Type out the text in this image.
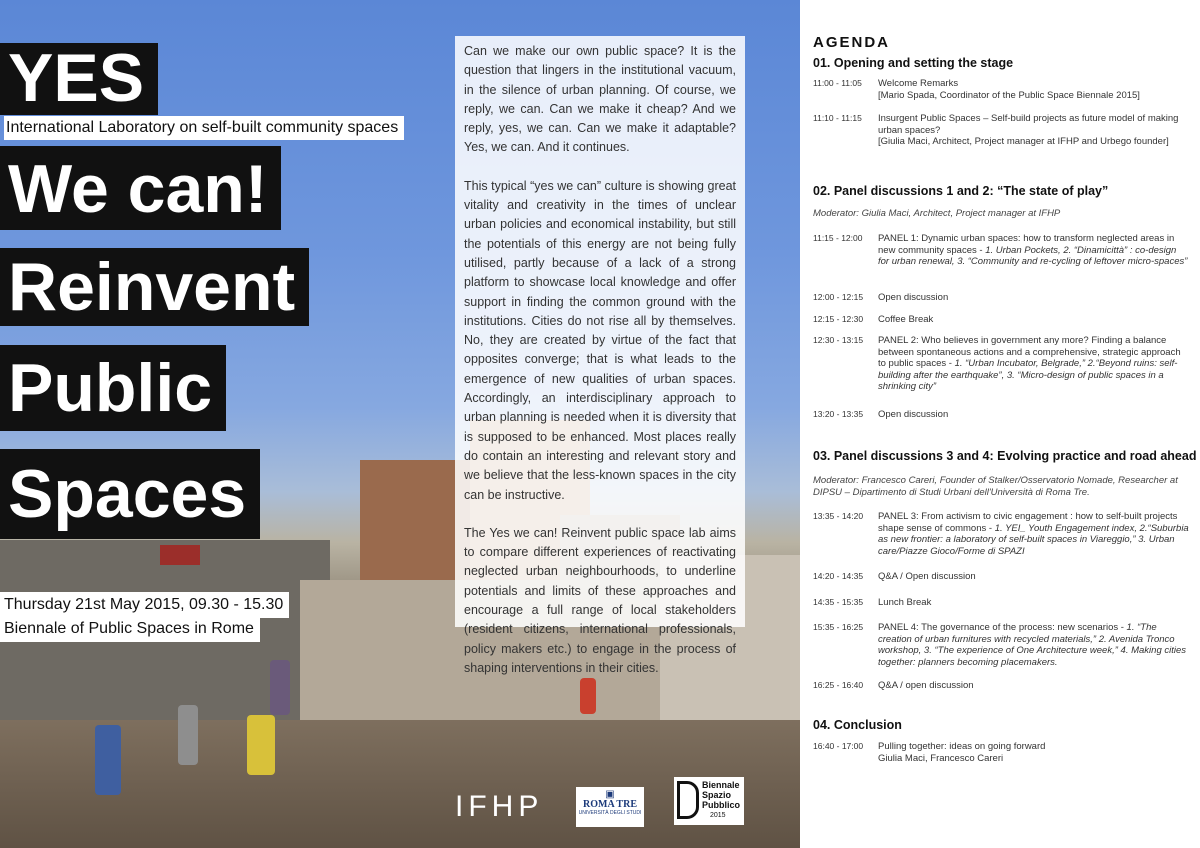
YES
International Laboratory on self-built community spaces
We can!
Reinvent
Public
Spaces
Thursday 21st May 2015, 09.30 - 15.30
Biennale of Public Spaces in Rome

Can we make our own public space? It is the question that lingers in the institutional vacuum, in the silence of urban planning. Of course, we reply, we can. Can we make it cheap? And we reply, yes, we can. Can we make it adaptable? Yes, we can. And it continues.

This typical “yes we can” culture is showing great vitality and creativity in the times of unclear urban policies and economical instability, but still the potentials of this energy are not being fully utilised, partly because of a lack of a strong platform to showcase local knowledge and offer support in finding the common ground with the institutions. Cities do not rise all by themselves. No, they are created by virtue of the fact that opposites converge; that is what leads to the emergence of new qualities of urban spaces. Accordingly, an interdisciplinary approach to urban planning is needed when it is diversity that is supposed to be enhanced. Most places really do contain an interesting and relevant story and we believe that the less-known spaces in the city can be instructive.

The Yes we can! Reinvent public space lab aims to compare different experiences of reactivating neglected urban neighbourhoods, to underline potentials and limits of these approaches and encourage a full range of local stakeholders (resident citizens, international professionals, policy makers etc.) to engage in the process of shaping interventions in their cities.

IFHP	▣
ROMA TRE
UNIVERSITÀ DEGLI STUDI
Biennale
Spazio
Pubblico
2015
AGENDA
01. Opening and setting the stage
11:00 - 11:05	Welcome Remarks
[Mario Spada, Coordinator of the Public Space Biennale 2015]
11:10 - 11:15	Insurgent Public Spaces – Self-build projects as future model of making urban spaces?
[Giulia Maci, Architect, Project manager at IFHP and Urbego founder]
02. Panel discussions 1 and 2: “The state of play”
Moderator: Giulia Maci, Architect, Project manager at IFHP
11:15 - 12:00	PANEL 1: Dynamic urban spaces: how to transform neglected areas in new community spaces - 1. Urban Pockets, 2. “Dinamicittà” : co-design for urban renewal, 3. “Community and re-cycling of leftover micro-spaces”
12:00 - 12:15	Open discussion
12:15 - 12:30	Coffee Break
12:30 - 13:15	PANEL 2: Who believes in government any more? Finding a balance between spontaneous actions and a comprehensive, strategic approach to public spaces - 1. “Urban Incubator, Belgrade,” 2.“Beyond ruins: self-building after the earthquake”, 3. “Micro-design of public spaces in a shrinking city”
13:20 - 13:35	Open discussion
03. Panel discussions 3 and 4: Evolving practice and road ahead
Moderator: Francesco Careri, Founder of Stalker/Osservatorio Nomade, Researcher at DIPSU – Dipartimento di Studi Urbani dell'Università di Roma Tre.
13:35 - 14:20	PANEL 3: From activism to civic engagement : how to self-built projects shape sense of commons - 1. YEI_ Youth Engagement index, 2.“Suburbia as new frontier: a laboratory of self-built spaces in Viareggio,” 3. Urban care/Piazze Gioco/Forme di SPAZI
14:20 - 14:35	Q&A / Open discussion
14:35 - 15:35	Lunch Break
15:35 - 16:25	PANEL 4: The governance of the process: new scenarios - 1. “The creation of urban furnitures with recycled materials,” 2. Avenida Tronco workshop, 3. “The experience of One Architecture week,” 4. Making cities together: planners becoming placemakers.
16:25 - 16:40	Q&A / open discussion
04. Conclusion
16:40 - 17:00	Pulling together: ideas on going forward
Giulia Maci, Francesco Careri
